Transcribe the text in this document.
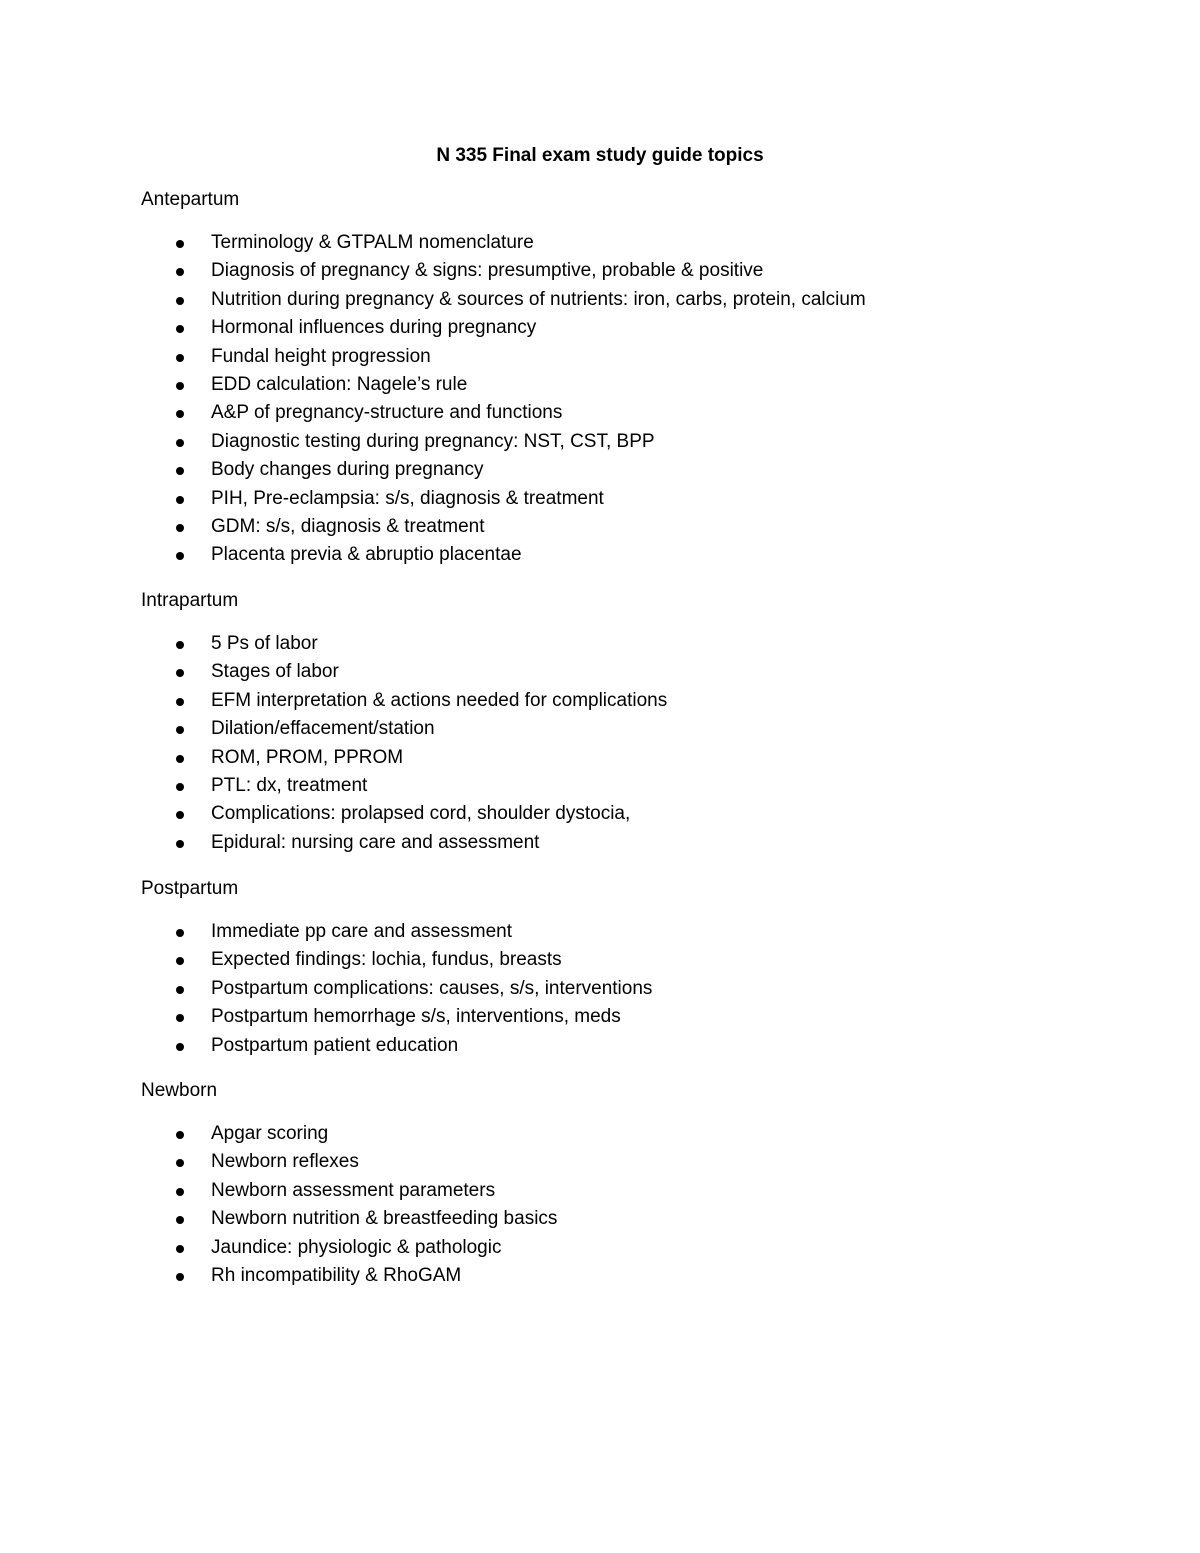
N 335 Final exam study guide topics
Antepartum
Terminology & GTPALM nomenclature
Diagnosis of pregnancy & signs: presumptive, probable & positive
Nutrition during pregnancy & sources of nutrients: iron, carbs, protein, calcium
Hormonal influences during pregnancy
Fundal height progression
EDD calculation: Nagele’s rule
A&P of pregnancy-structure and functions
Diagnostic testing during pregnancy: NST, CST, BPP
Body changes during pregnancy
PIH, Pre-eclampsia: s/s, diagnosis & treatment
GDM: s/s, diagnosis & treatment
Placenta previa & abruptio placentae
Intrapartum
5 Ps of labor
Stages of labor
EFM interpretation & actions needed for complications
Dilation/effacement/station
ROM, PROM, PPROM
PTL: dx, treatment
Complications: prolapsed cord, shoulder dystocia,
Epidural: nursing care and assessment
Postpartum
Immediate pp care and assessment
Expected findings: lochia, fundus, breasts
Postpartum complications: causes, s/s, interventions
Postpartum hemorrhage s/s, interventions, meds
Postpartum patient education
Newborn
Apgar scoring
Newborn reflexes
Newborn assessment parameters
Newborn nutrition & breastfeeding basics
Jaundice: physiologic & pathologic
Rh incompatibility & RhoGAM
